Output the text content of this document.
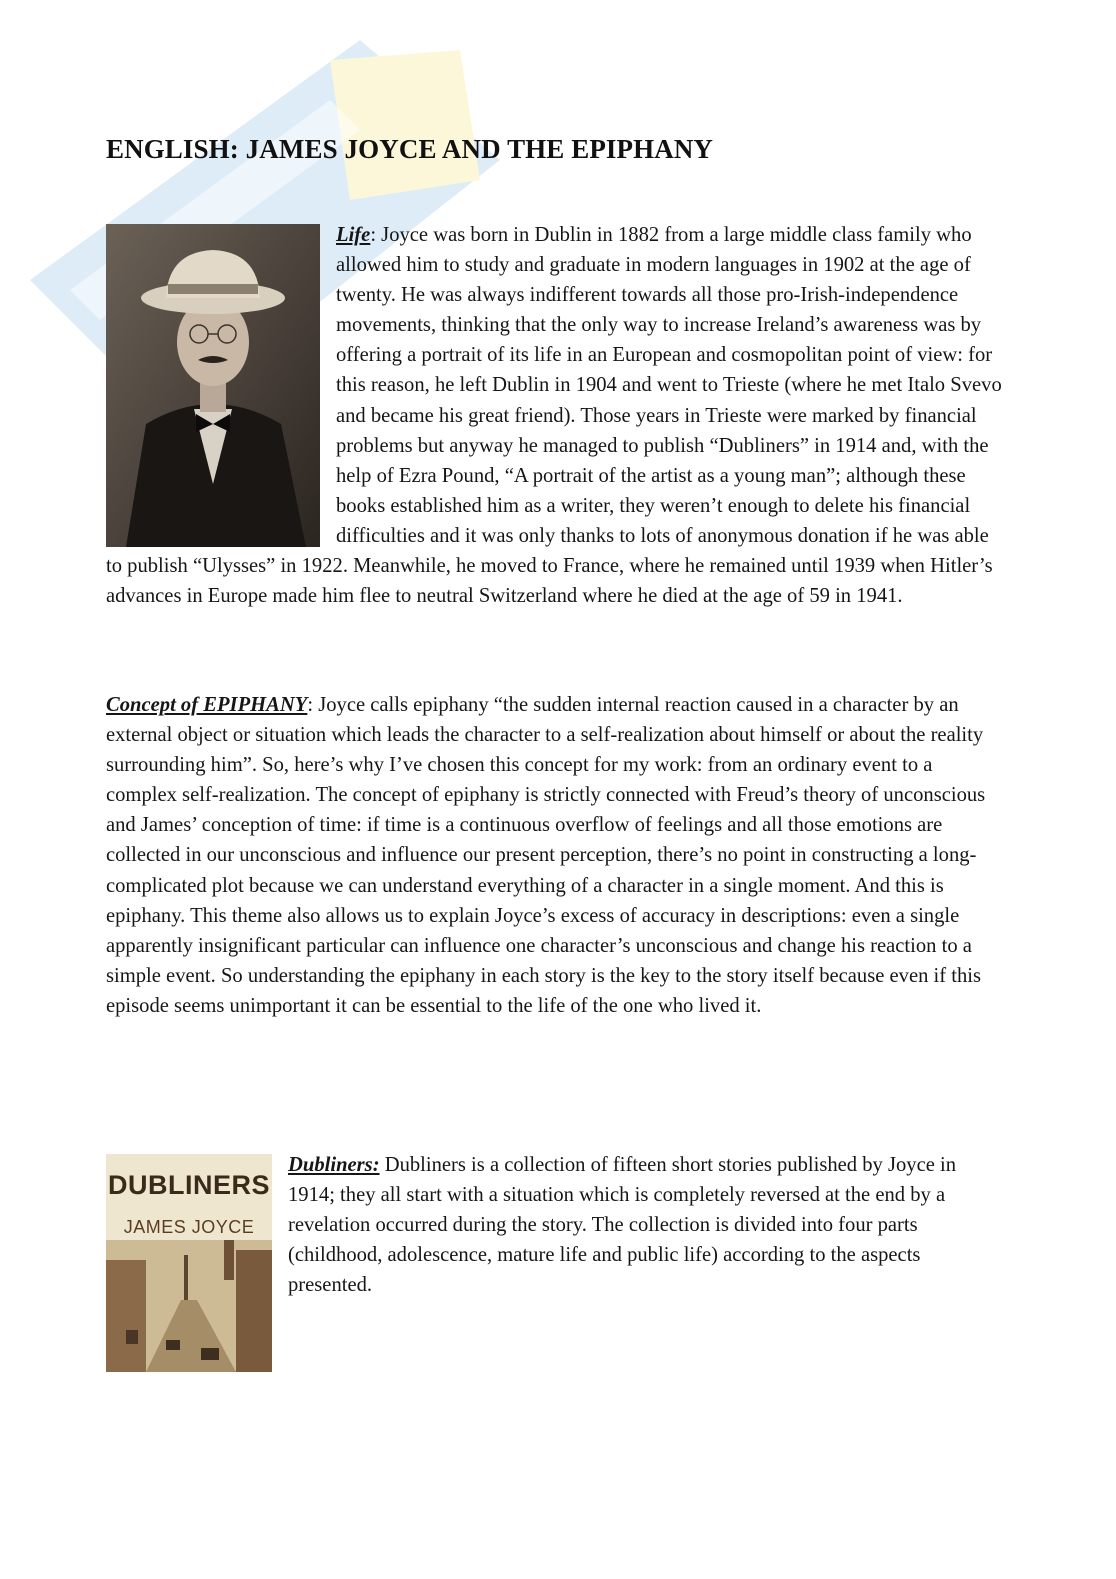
ENGLISH: JAMES JOYCE AND THE EPIPHANY

Life: Joyce was born in Dublin in 1882 from a large middle class family who allowed him to study and graduate in modern languages in 1902 at the age of twenty. He was always indifferent towards all those pro-Irish-independence movements, thinking that the only way to increase Ireland’s awareness was by offering a portrait of its life in an European and cosmopolitan point of view: for this reason, he left Dublin in 1904 and went to Trieste (where he met Italo Svevo and became his great friend). Those years in Trieste were marked by financial problems but anyway he managed to publish “Dubliners” in 1914 and, with the help of Ezra Pound, “A portrait of the artist as a young man”; although these books established him as a writer, they weren’t enough to delete his financial difficulties and it was only thanks to lots of anonymous donation if he was able to publish “Ulysses” in 1922. Meanwhile, he moved to France, where he remained until 1939 when Hitler’s advances in Europe made him flee to neutral Switzerland where he died at the age of 59 in 1941.

Concept of EPIPHANY: Joyce calls epiphany “the sudden internal reaction caused in a character by an external object or situation which leads the character to a self-realization about himself or about the reality surrounding him”. So, here’s why I’ve chosen this concept for my work: from an ordinary event to a complex self-realization. The concept of epiphany is strictly connected with Freud’s theory of unconscious and James’ conception of time: if time is a continuous overflow of feelings and all those emotions are collected in our unconscious and influence our present perception, there’s no point in constructing a long-complicated plot because we can understand everything of a character in a single moment. And this is epiphany. This theme also allows us to explain Joyce’s excess of accuracy in descriptions: even a single apparently insignificant particular can influence one character’s unconscious and change his reaction to a simple event. So understanding the epiphany in each story is the key to the story itself because even if this episode seems unimportant it can be essential to the life of the one who lived it.

DUBLINERS
JAMES JOYCE
Dubliners: Dubliners is a collection of fifteen short stories published by Joyce in 1914; they all start with a situation which is completely reversed at the end by a revelation occurred during the story. The collection is divided into four parts (childhood, adolescence, mature life and public life) according to the aspects presented.
